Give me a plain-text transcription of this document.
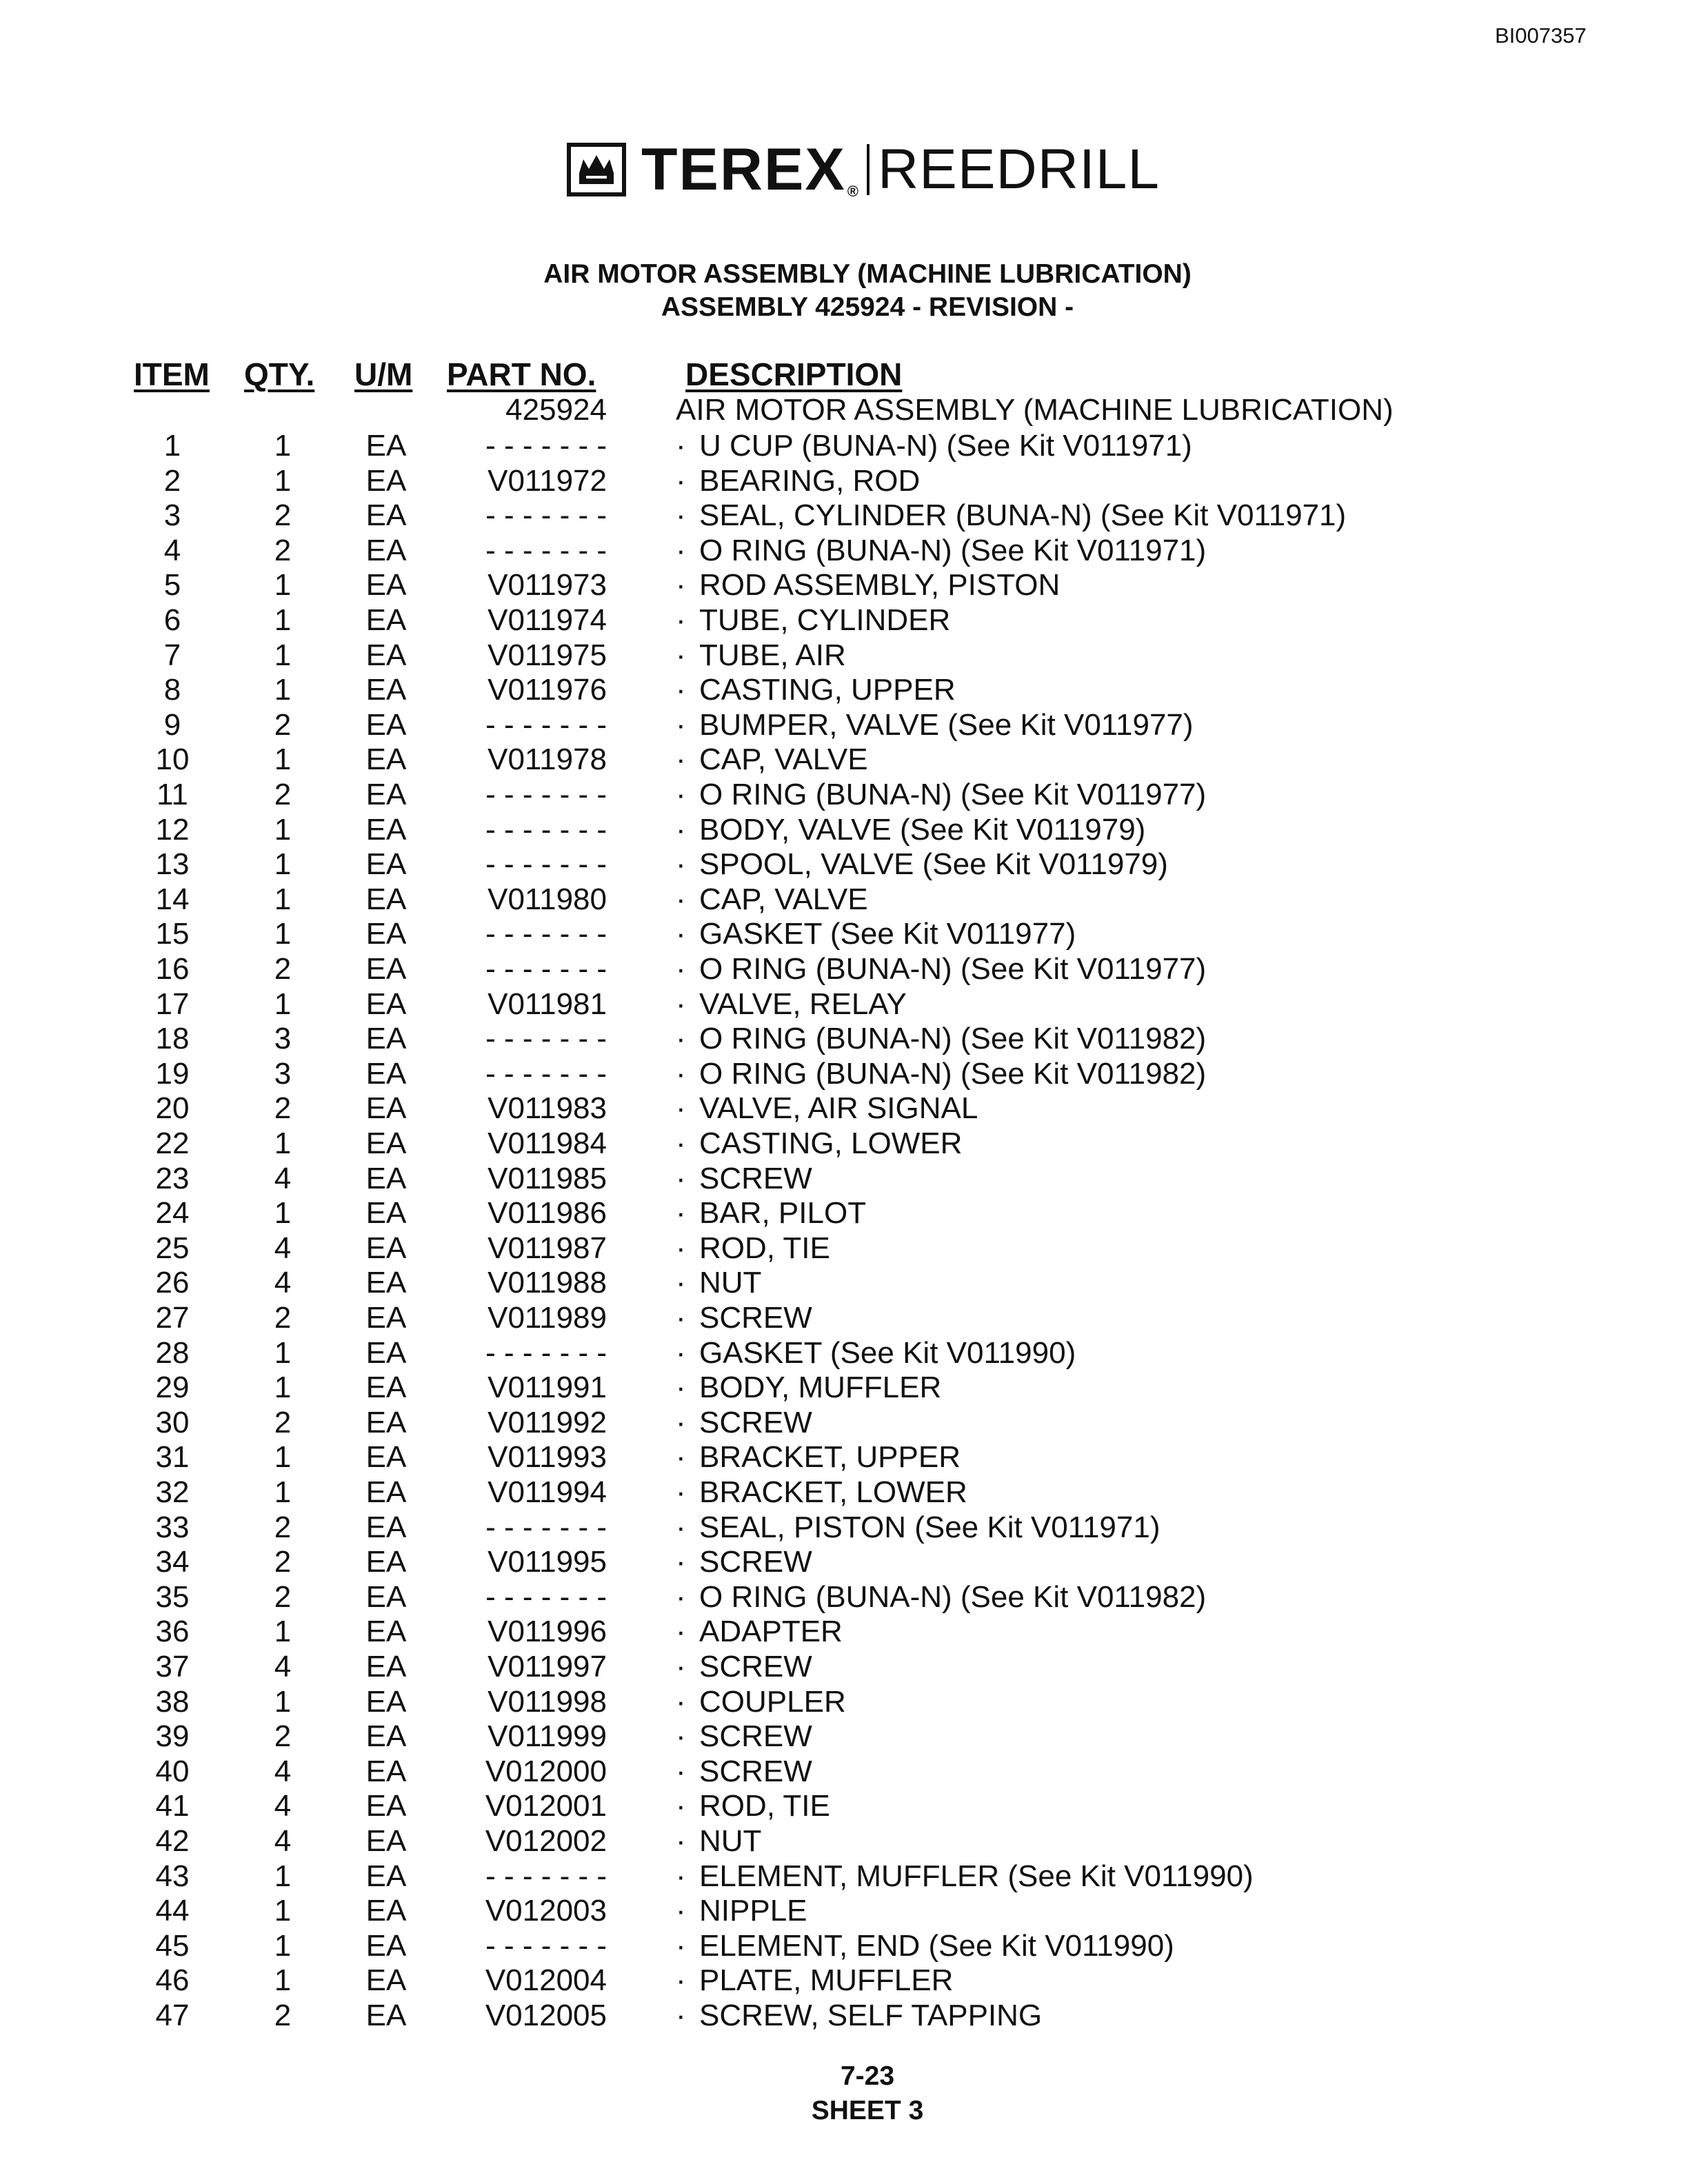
BI007357
TEREX® REEDRILL
AIR MOTOR ASSEMBLY (MACHINE LUBRICATION)
ASSEMBLY 425924 - REVISION -
ITEM QTY. U/M PART NO.	DESCRIPTION
425924 AIR MOTOR ASSEMBLY (MACHINE LUBRICATION)
1	1	EA	- - - - - - - · U CUP (BUNA-N) (See Kit V011971)
2	1	EA	V011972 · BEARING, ROD
3	2	EA	- - - - - - - · SEAL, CYLINDER (BUNA-N) (See Kit V011971)
4	2	EA	- - - - - - - · O RING (BUNA-N) (See Kit V011971)
5	1	EA	V011973 · ROD ASSEMBLY, PISTON
6	1	EA	V011974 · TUBE, CYLINDER
7	1	EA	V011975 · TUBE, AIR
8	1	EA	V011976 · CASTING, UPPER
9	2	EA	- - - - - - - · BUMPER, VALVE (See Kit V011977)
10	1	EA	V011978 · CAP, VALVE
11	2	EA	- - - - - - - · O RING (BUNA-N) (See Kit V011977)
12	1	EA	- - - - - - - · BODY, VALVE (See Kit V011979)
13	1	EA	- - - - - - - · SPOOL, VALVE (See Kit V011979)
14	1	EA	V011980 · CAP, VALVE
15	1	EA	- - - - - - - · GASKET (See Kit V011977)
16	2	EA	- - - - - - - · O RING (BUNA-N) (See Kit V011977)
17	1	EA	V011981 · VALVE, RELAY
18	3	EA	- - - - - - - · O RING (BUNA-N) (See Kit V011982)
19	3	EA	- - - - - - - · O RING (BUNA-N) (See Kit V011982)
20	2	EA	V011983 · VALVE, AIR SIGNAL
22	1	EA	V011984 · CASTING, LOWER
23	4	EA	V011985 · SCREW
24	1	EA	V011986 · BAR, PILOT
25	4	EA	V011987 · ROD, TIE
26	4	EA	V011988 · NUT
27	2	EA	V011989 · SCREW
28	1	EA	- - - - - - - · GASKET (See Kit V011990)
29	1	EA	V011991 · BODY, MUFFLER
30	2	EA	V011992 · SCREW
31	1	EA	V011993 · BRACKET, UPPER
32	1	EA	V011994 · BRACKET, LOWER
33	2	EA	- - - - - - - · SEAL, PISTON (See Kit V011971)
34	2	EA	V011995 · SCREW
35	2	EA	- - - - - - - · O RING (BUNA-N) (See Kit V011982)
36	1	EA	V011996 · ADAPTER
37	4	EA	V011997 · SCREW
38	1	EA	V011998 · COUPLER
39	2	EA	V011999 · SCREW
40	4	EA	V012000 · SCREW
41	4	EA	V012001 · ROD, TIE
42	4	EA	V012002 · NUT
43	1	EA	- - - - - - - · ELEMENT, MUFFLER (See Kit V011990)
44	1	EA	V012003 · NIPPLE
45	1	EA	- - - - - - - · ELEMENT, END (See Kit V011990)
46	1	EA	V012004 · PLATE, MUFFLER
47	2	EA	V012005 · SCREW, SELF TAPPING
7-23
SHEET 3
